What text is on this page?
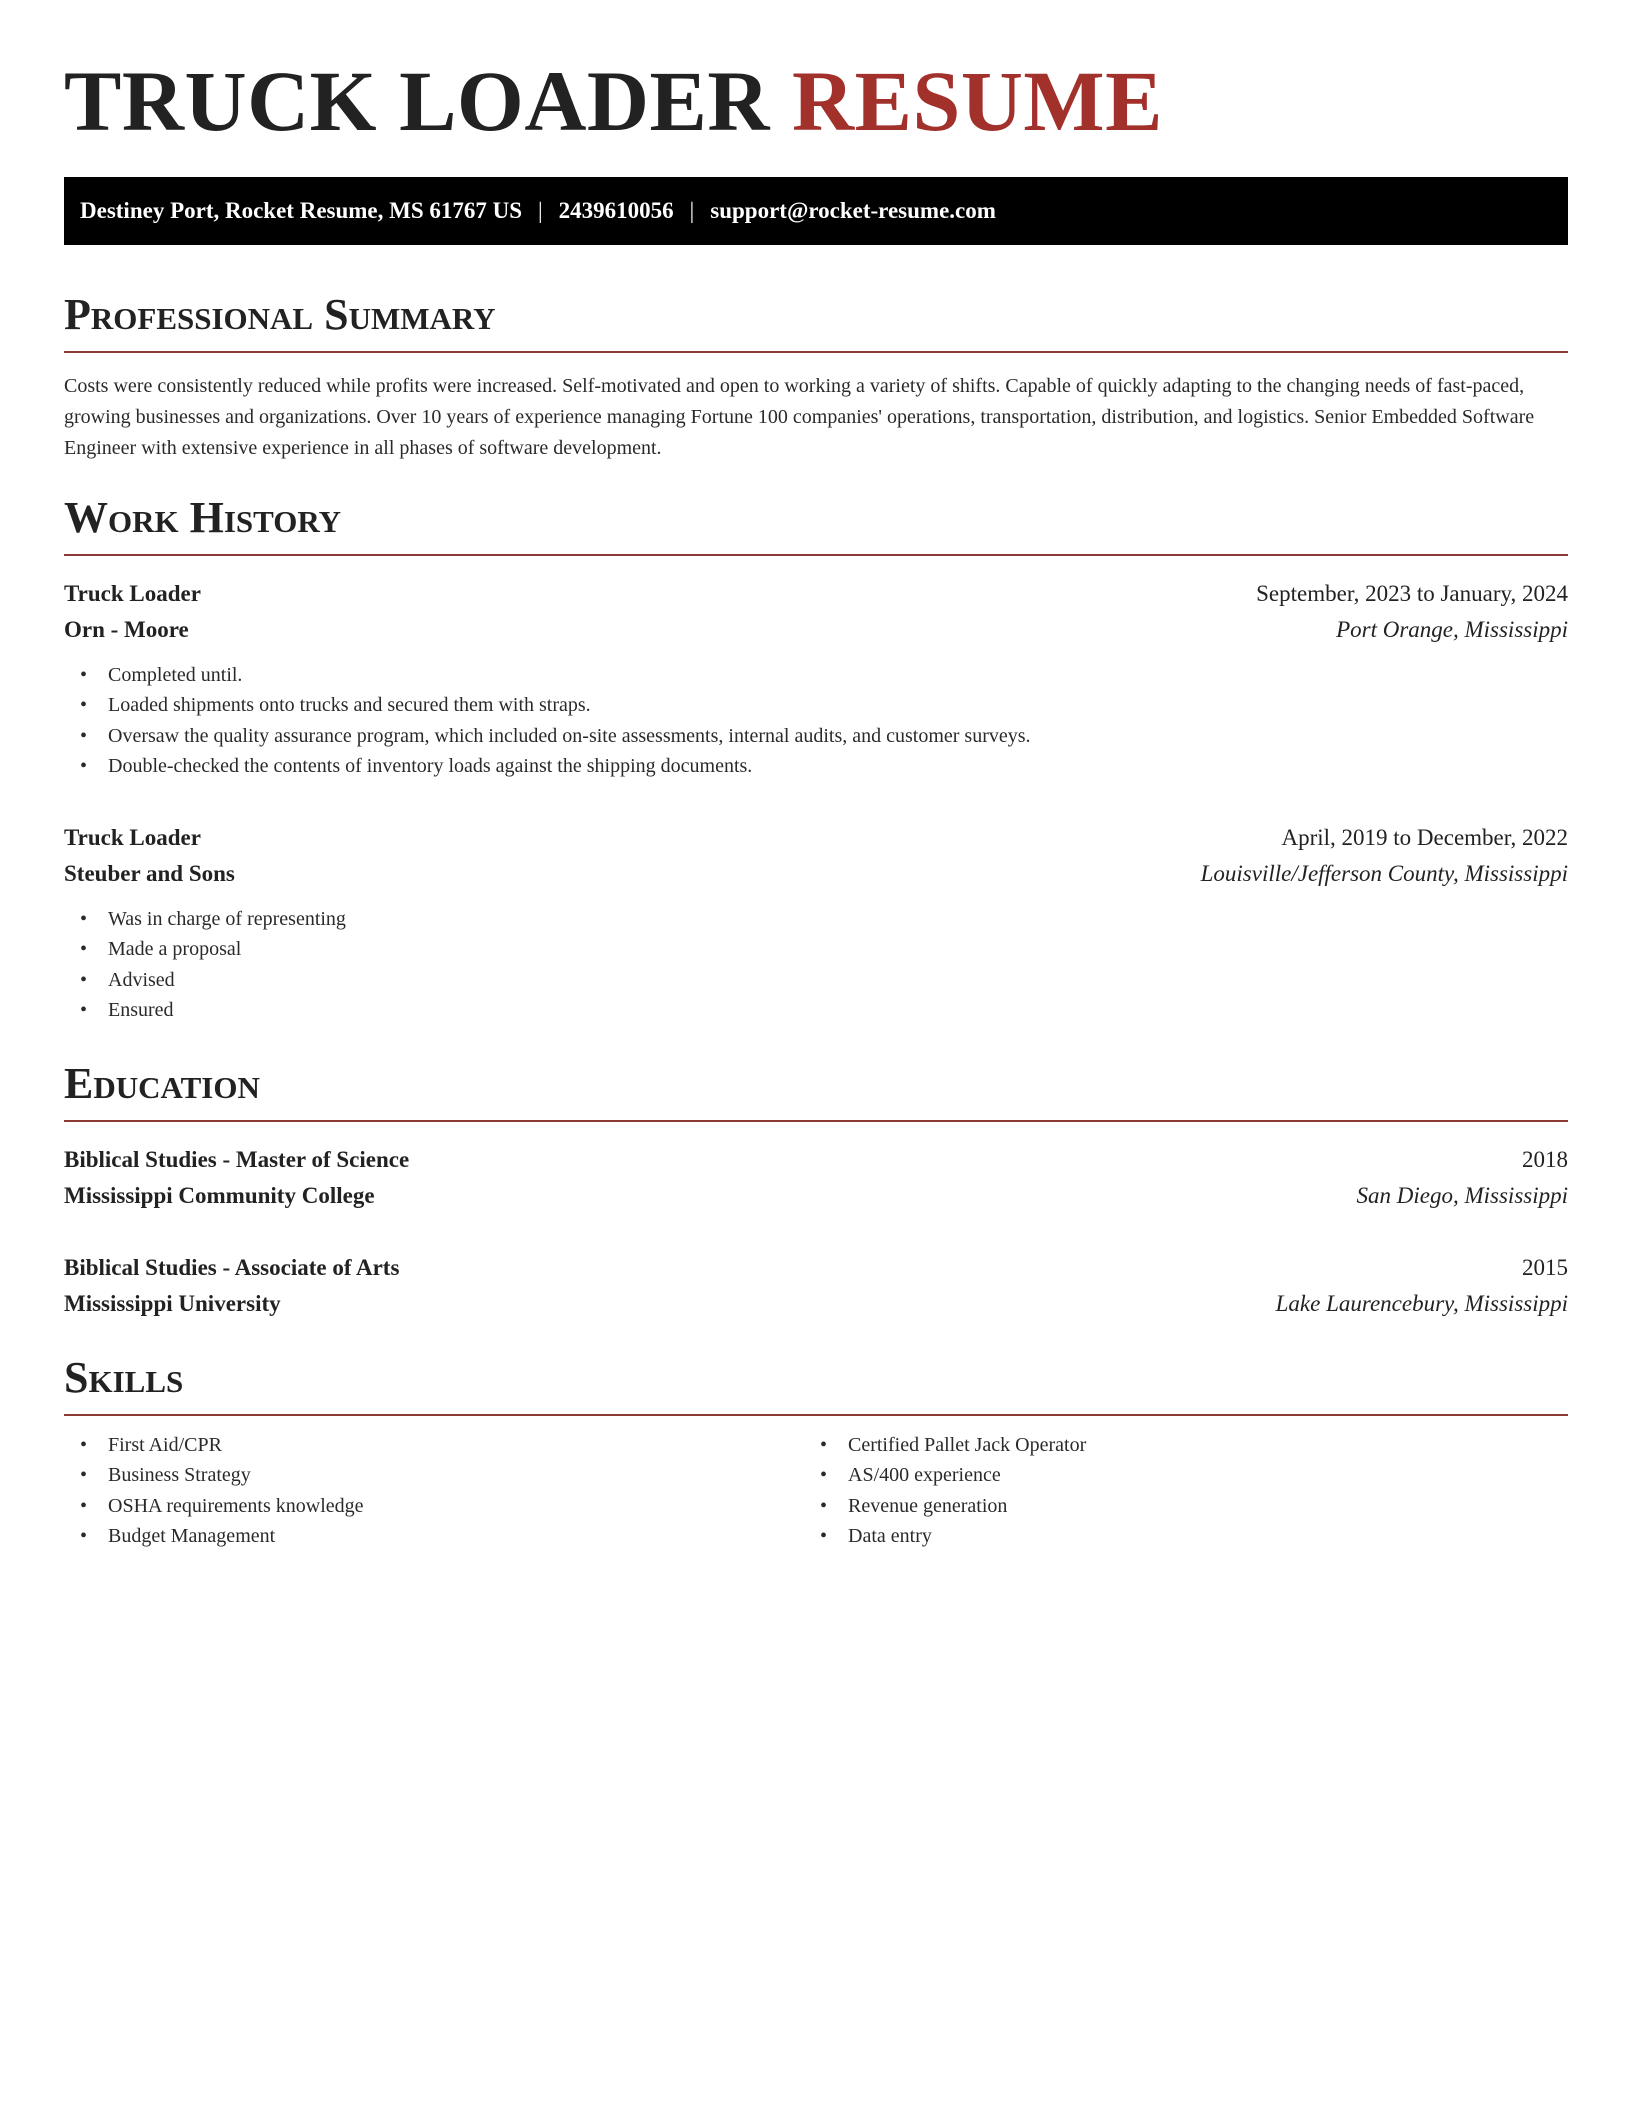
TRUCK LOADER RESUME
Destiney Port, Rocket Resume, MS 61767 US | 2439610056 | support@rocket-resume.com
Professional Summary

Costs were consistently reduced while profits were increased. Self-motivated and open to working a variety of shifts. Capable of quickly adapting to the changing needs of fast-paced, growing businesses and organizations. Over 10 years of experience managing Fortune 100 companies' operations, transportation, distribution, and logistics. Senior Embedded Software Engineer with extensive experience in all phases of software development.

Work History
Truck Loader	September, 2023 to January, 2024
Orn - Moore	Port Orange, Mississippi
• Completed until.
• Loaded shipments onto trucks and secured them with straps.
• Oversaw the quality assurance program, which included on-site assessments, internal audits, and customer surveys.
• Double-checked the contents of inventory loads against the shipping documents.
Truck Loader	April, 2019 to December, 2022
Steuber and Sons	Louisville/Jefferson County, Mississippi
• Was in charge of representing
• Made a proposal
• Advised
• Ensured
Education
Biblical Studies - Master of Science	2018
Mississippi Community College	San Diego, Mississippi
Biblical Studies - Associate of Arts	2015
Mississippi University	Lake Laurencebury, Mississippi
Skills
• First Aid/CPR
• Business Strategy
• OSHA requirements knowledge
• Budget Management
• Certified Pallet Jack Operator
• AS/400 experience
• Revenue generation
• Data entry
